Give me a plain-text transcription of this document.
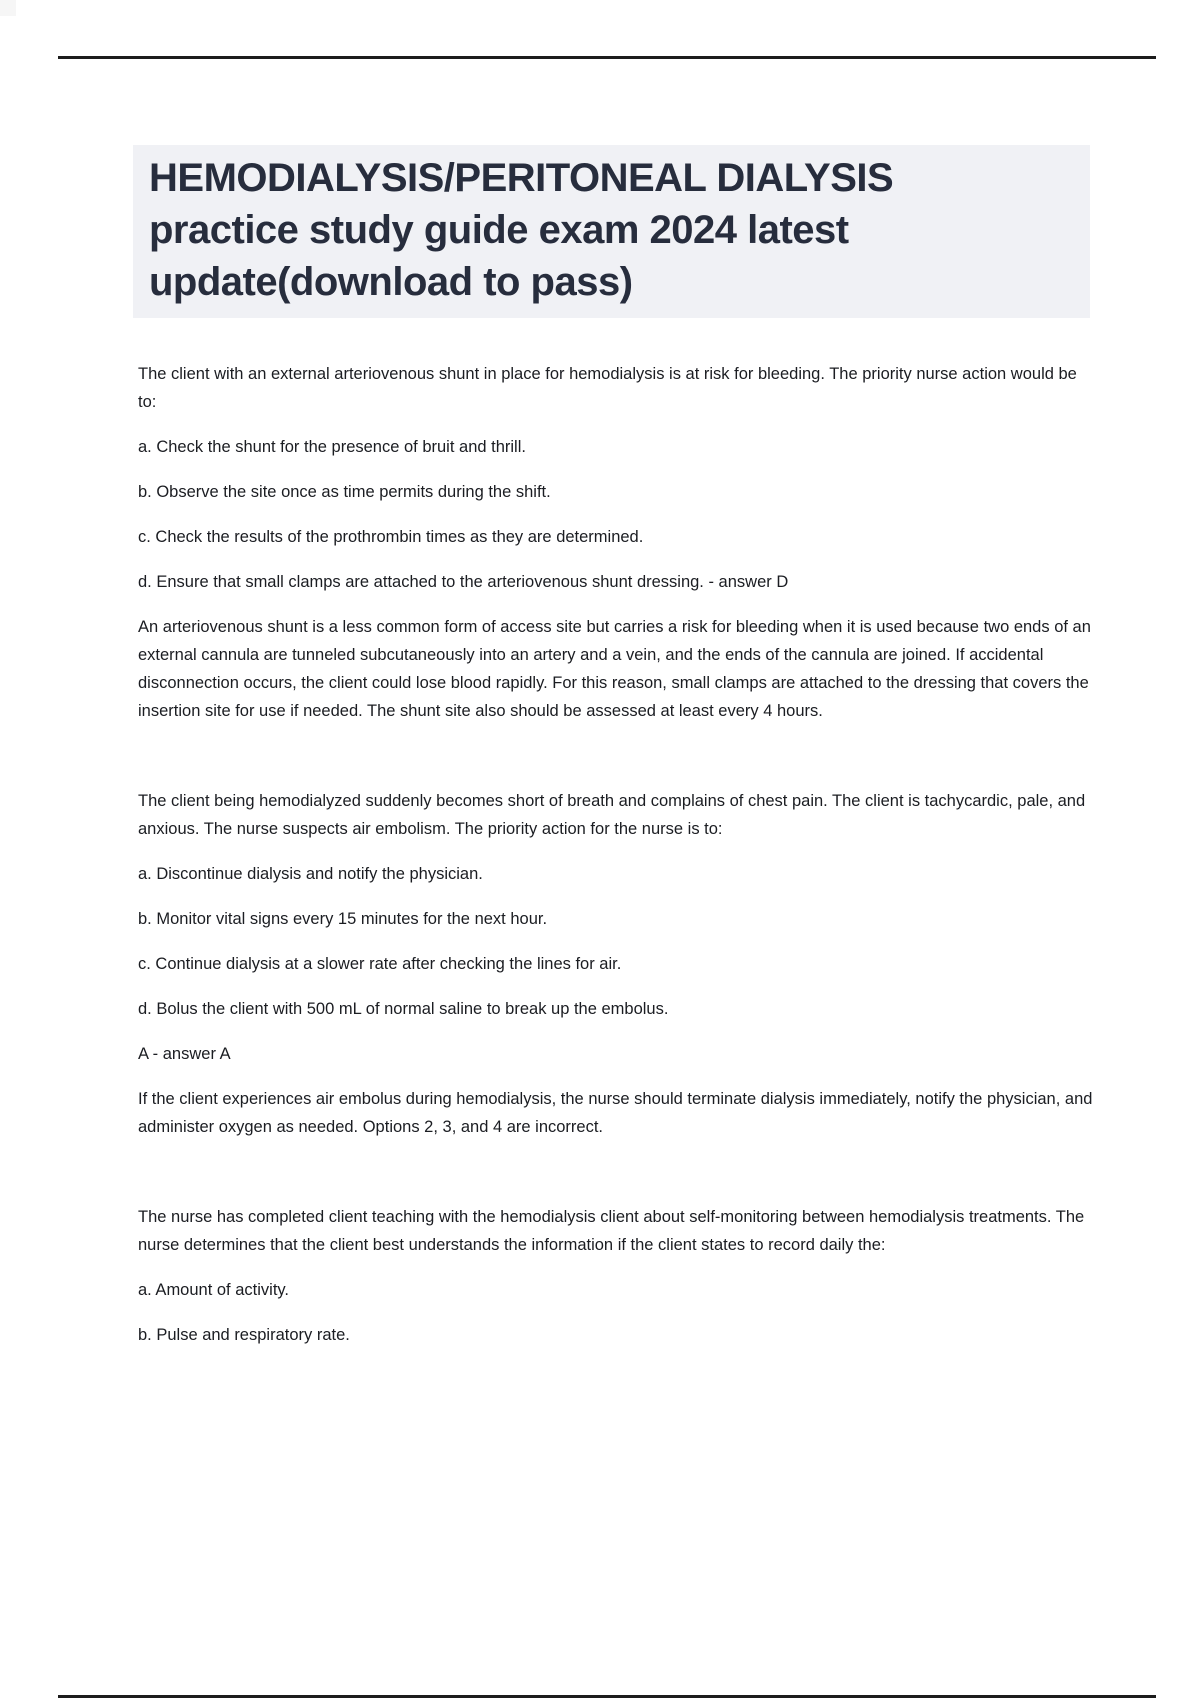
HEMODIALYSIS/PERITONEAL DIALYSIS
practice study guide exam 2024 latest
update(download to pass)

The client with an external arteriovenous shunt in place for hemodialysis is at risk for bleeding. The priority nurse action would be to:

a. Check the shunt for the presence of bruit and thrill.

b. Observe the site once as time permits during the shift.

c. Check the results of the prothrombin times as they are determined.

d. Ensure that small clamps are attached to the arteriovenous shunt dressing. - answer D

An arteriovenous shunt is a less common form of access site but carries a risk for bleeding when it is used because two ends of an external cannula are tunneled subcutaneously into an artery and a vein, and the ends of the cannula are joined. If accidental disconnection occurs, the client could lose blood rapidly. For this reason, small clamps are attached to the dressing that covers the insertion site for use if needed. The shunt site also should be assessed at least every 4 hours.

The client being hemodialyzed suddenly becomes short of breath and complains of chest pain. The client is tachycardic, pale, and anxious. The nurse suspects air embolism. The priority action for the nurse is to:

a. Discontinue dialysis and notify the physician.

b. Monitor vital signs every 15 minutes for the next hour.

c. Continue dialysis at a slower rate after checking the lines for air.

d. Bolus the client with 500 mL of normal saline to break up the embolus.

A - answer A

If the client experiences air embolus during hemodialysis, the nurse should terminate dialysis immediately, notify the physician, and administer oxygen as needed. Options 2, 3, and 4 are incorrect.

The nurse has completed client teaching with the hemodialysis client about self-monitoring between hemodialysis treatments. The nurse determines that the client best understands the information if the client states to record daily the:

a. Amount of activity.

b. Pulse and respiratory rate.
